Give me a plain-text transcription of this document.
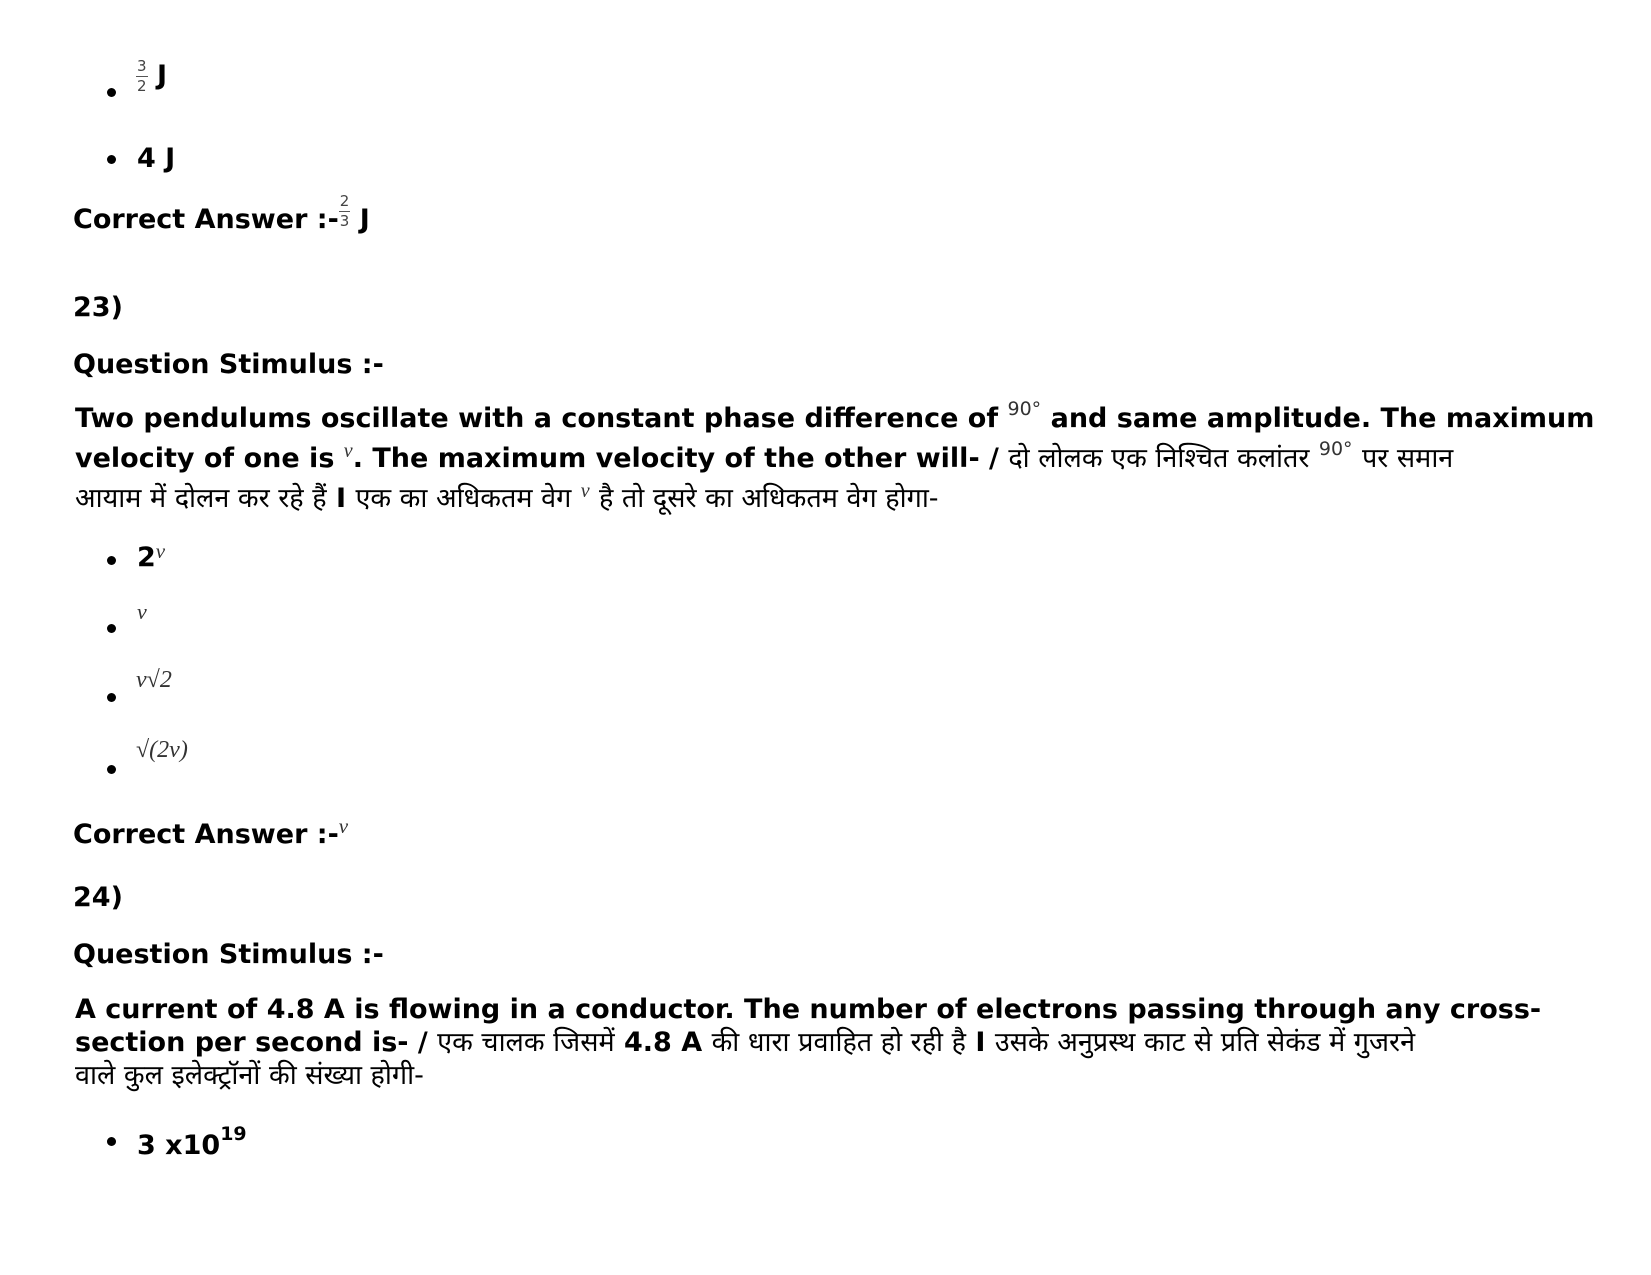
$\frac{3}{2}$ J
4 J
Correct Answer :- $\frac{2}{3}$ J
23)
Question Stimulus :-
Two pendulums oscillate with a constant phase difference of $^{90^\circ}$ and same amplitude. The maximum
velocity of one is $^v$. The maximum velocity of the other will- / दो लोलक एक निश्चित कलांतर $^{90^\circ}$ पर समान
आयाम में दोलन कर रहे हैं I एक का अधिकतम वेग $^v$ है तो दूसरे का अधिकतम वेग होगा-
2$^v$
v
v√2
√(2v)
Correct Answer :-$^v$
24)
Question Stimulus :-
A current of 4.8 A is flowing in a conductor. The number of electrons passing through any cross-
section per second is- / एक चालक जिसमें 4.8 A की धारा प्रवाहित हो रही है I उसके अनुप्रस्थ काट से प्रति सेकंड में गुजरने
वाले कुल इलेक्ट्रॉनों की संख्या होगी-
3 $x10^{19}$
